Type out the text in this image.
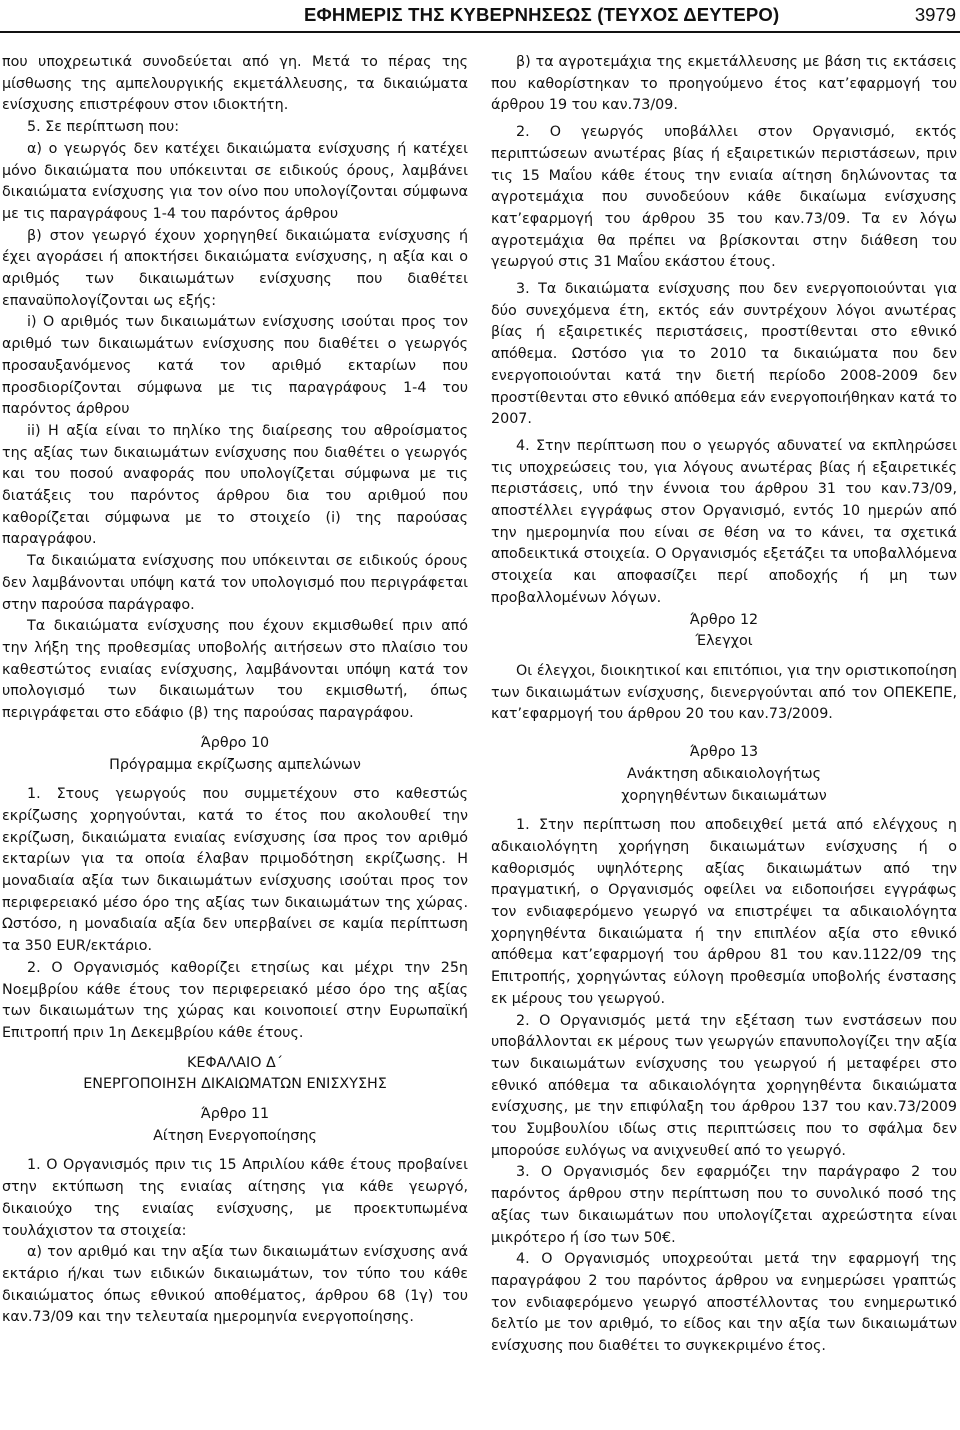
ΕΦΗΜΕΡΙΣ ΤΗΣ ΚΥΒΕΡΝΗΣΕΩΣ (ΤΕΥΧΟΣ ΔΕΥΤΕΡΟ)	3979

που υποχρεωτικά συνοδεύεται από γη. Μετά το πέρας της μίσθωσης της αμπελουργικής εκμετάλλευσης, τα δικαιώματα ενίσχυσης επιστρέφουν στον ιδιοκτήτη.

5. Σε περίπτωση που:

α) ο γεωργός δεν κατέχει δικαιώματα ενίσχυσης ή κατέχει μόνο δικαιώματα που υπόκεινται σε ειδικούς όρους, λαμβάνει δικαιώματα ενίσχυσης για τον οίνο που υπολογίζονται σύμφωνα με τις παραγράφους 1-4 του παρόντος άρθρου

β) στον γεωργό έχουν χορηγηθεί δικαιώματα ενίσχυσης ή έχει αγοράσει ή αποκτήσει δικαιώματα ενίσχυσης, η αξία και ο αριθμός των δικαιωμάτων ενίσχυσης που διαθέτει επαναϋπολογίζονται ως εξής:

i) Ο αριθμός των δικαιωμάτων ενίσχυσης ισούται προς τον αριθμό των δικαιωμάτων ενίσχυσης που διαθέτει ο γεωργός προσαυξανόμενος κατά τον αριθμό εκταρίων που προσδιορίζονται σύμφωνα με τις παραγράφους 1-4 του παρόντος άρθρου

ii) Η αξία είναι το πηλίκο της διαίρεσης του αθροίσματος της αξίας των δικαιωμάτων ενίσχυσης που διαθέτει ο γεωργός και του ποσού αναφοράς που υπολογίζεται σύμφωνα με τις διατάξεις του παρόντος άρθρου δια του αριθμού που καθορίζεται σύμφωνα με το στοιχείο (i) της παρούσας παραγράφου.

Τα δικαιώματα ενίσχυσης που υπόκεινται σε ειδικούς όρους δεν λαμβάνονται υπόψη κατά τον υπολογισμό που περιγράφεται στην παρούσα παράγραφο.

Τα δικαιώματα ενίσχυσης που έχουν εκμισθωθεί πριν από την λήξη της προθεσμίας υποβολής αιτήσεων στο πλαίσιο του καθεστώτος ενιαίας ενίσχυσης, λαμβάνονται υπόψη κατά τον υπολογισμό των δικαιωμάτων του εκμισθωτή, όπως περιγράφεται στο εδάφιο (β) της παρούσας παραγράφου.

Άρθρο 10

Πρόγραμμα εκρίζωσης αμπελώνων

1. Στους γεωργούς που συμμετέχουν στο καθεστώς εκρίζωσης χορηγούνται, κατά το έτος που ακολουθεί την εκρίζωση, δικαιώματα ενιαίας ενίσχυσης ίσα προς τον αριθμό εκταρίων για τα οποία έλαβαν πριμοδότηση εκρίζωσης. Η μοναδιαία αξία των δικαιωμάτων ενίσχυσης ισούται προς τον περιφερειακό μέσο όρο της αξίας των δικαιωμάτων της χώρας. Ωστόσο, η μοναδιαία αξία δεν υπερβαίνει σε καμία περίπτωση τα 350 EUR/εκτάριο.

2. Ο Οργανισμός καθορίζει ετησίως και μέχρι την 25η Νοεμβρίου κάθε έτους τον περιφερειακό μέσο όρο της αξίας των δικαιωμάτων της χώρας και κοινοποιεί στην Ευρωπαϊκή Επιτροπή πριν 1η Δεκεμβρίου κάθε έτους.

ΚΕΦΑΛΑΙΟ Δ΄

ΕΝΕΡΓΟΠΟΙΗΣΗ ΔΙΚΑΙΩΜΑΤΩΝ ΕΝΙΣΧΥΣΗΣ

Άρθρο 11

Αίτηση Ενεργοποίησης

1. Ο Οργανισμός πριν τις 15 Απριλίου κάθε έτους προβαίνει στην εκτύπωση της ενιαίας αίτησης για κάθε γεωργό, δικαιούχο της ενιαίας ενίσχυσης, με προεκτυπωμένα τουλάχιστον τα στοιχεία:

α) τον αριθμό και την αξία των δικαιωμάτων ενίσχυσης ανά εκτάριο ή/και των ειδικών δικαιωμάτων, τον τύπο του κάθε δικαιώματος όπως εθνικού αποθέματος, άρθρου 68 (1γ) του καν.73/09 και την τελευταία ημερομηνία ενεργοποίησης.

β) τα αγροτεμάχια της εκμετάλλευσης με βάση τις εκτάσεις που καθορίστηκαν το προηγούμενο έτος κατ’εφαρμογή του άρθρου 19 του καν.73/09.

2. Ο γεωργός υποβάλλει στον Οργανισμό, εκτός περιπτώσεων ανωτέρας βίας ή εξαιρετικών περιστάσεων, πριν τις 15 Μαΐου κάθε έτους την ενιαία αίτηση δηλώνοντας τα αγροτεμάχια που συνοδεύουν κάθε δικαίωμα ενίσχυσης κατ’εφαρμογή του άρθρου 35 του καν.73/09. Τα εν λόγω αγροτεμάχια θα πρέπει να βρίσκονται στην διάθεση του γεωργού στις 31 Μαΐου εκάστου έτους.

3. Τα δικαιώματα ενίσχυσης που δεν ενεργοποιούνται για δύο συνεχόμενα έτη, εκτός εάν συντρέχουν λόγοι ανωτέρας βίας ή εξαιρετικές περιστάσεις, προστίθενται στο εθνικό απόθεμα. Ωστόσο για το 2010 τα δικαιώματα που δεν ενεργοποιούνται κατά την διετή περίοδο 2008-2009 δεν προστίθενται στο εθνικό απόθεμα εάν ενεργοποιήθηκαν κατά το 2007.

4. Στην περίπτωση που ο γεωργός αδυνατεί να εκπληρώσει τις υποχρεώσεις του, για λόγους ανωτέρας βίας ή εξαιρετικές περιστάσεις, υπό την έννοια του άρθρου 31 του καν.73/09, αποστέλλει εγγράφως στον Οργανισμό, εντός 10 ημερών από την ημερομηνία που είναι σε θέση να το κάνει, τα σχετικά αποδεικτικά στοιχεία. Ο Οργανισμός εξετάζει τα υποβαλλόμενα στοιχεία και αποφασίζει περί αποδοχής ή μη των προβαλλομένων λόγων.

Άρθρο 12

Έλεγχοι

Οι έλεγχοι, διοικητικοί και επιτόπιοι, για την οριστικοποίηση των δικαιωμάτων ενίσχυσης, διενεργούνται από τον ΟΠΕΚΕΠΕ, κατ’εφαρμογή του άρθρου 20 του καν.73/2009.

Άρθρο 13

Ανάκτηση αδικαιολογήτως

χορηγηθέντων δικαιωμάτων

1. Στην περίπτωση που αποδειχθεί μετά από ελέγχους η αδικαιολόγητη χορήγηση δικαιωμάτων ενίσχυσης ή ο καθορισμός υψηλότερης αξίας δικαιωμάτων από την πραγματική, ο Οργανισμός οφείλει να ειδοποιήσει εγγράφως τον ενδιαφερόμενο γεωργό να επιστρέψει τα αδικαιολόγητα χορηγηθέντα δικαιώματα ή την επιπλέον αξία στο εθνικό απόθεμα κατ’εφαρμογή του άρθρου 81 του καν.1122/09 της Επιτροπής, χορηγώντας εύλογη προθεσμία υποβολής ένστασης εκ μέρους του γεωργού.

2. Ο Οργανισμός μετά την εξέταση των ενστάσεων που υποβάλλονται εκ μέρους των γεωργών επανυπολογίζει την αξία των δικαιωμάτων ενίσχυσης του γεωργού ή μεταφέρει στο εθνικό απόθεμα τα αδικαιολόγητα χορηγηθέντα δικαιώματα ενίσχυσης, με την επιφύλαξη του άρθρου 137 του καν.73/2009 του Συμβουλίου ιδίως στις περιπτώσεις που το σφάλμα δεν μπορούσε ευλόγως να ανιχνευθεί από το γεωργό.

3. Ο Οργανισμός δεν εφαρμόζει την παράγραφο 2 του παρόντος άρθρου στην περίπτωση που το συνολικό ποσό της αξίας των δικαιωμάτων που υπολογίζεται αχρεώστητα είναι μικρότερο ή ίσο των 50€.

4. Ο Οργανισμός υποχρεούται μετά την εφαρμογή της παραγράφου 2 του παρόντος άρθρου να ενημερώσει γραπτώς τον ενδιαφερόμενο γεωργό αποστέλλοντας του ενημερωτικό δελτίο με τον αριθμό, το είδος και την αξία των δικαιωμάτων ενίσχυσης που διαθέτει το συγκεκριμένο έτος.
